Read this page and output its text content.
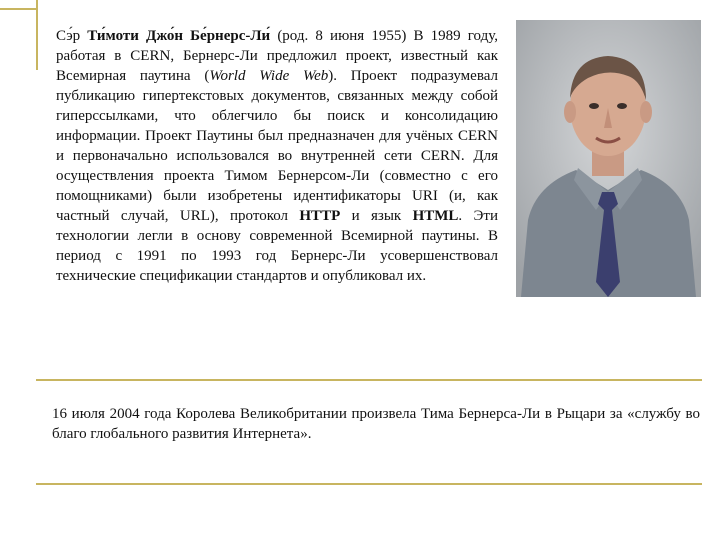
Сэ́р Ти́моти Джо́н Бе́рнерс-Ли́ (род. 8 июня 1955) В 1989 году, работая в CERN, Бернерс-Ли предложил проект, известный как Всемирная паутина (World Wide Web). Проект подразумевал публикацию гипертекстовых документов, связанных между собой гиперссылками, что облегчило бы поиск и консолидацию информации. Проект Паутины был предназначен для учёных CERN и первоначально использовался во внутренней сети CERN. Для осуществления проекта Тимом Бернерсом-Ли (совместно с его помощниками) были изобретены идентификаторы URI (и, как частный случай, URL), протокол HTTP и язык HTML. Эти технологии легли в основу современной Всемирной паутины. В период с 1991 по 1993 год Бернерс-Ли усовершенствовал технические спецификации стандартов и опубликовал их.

16 июля 2004 года Королева Великобритании произвела Тима Бернерса-Ли в Рыцари за «службу во благо глобального развития Интернета».
